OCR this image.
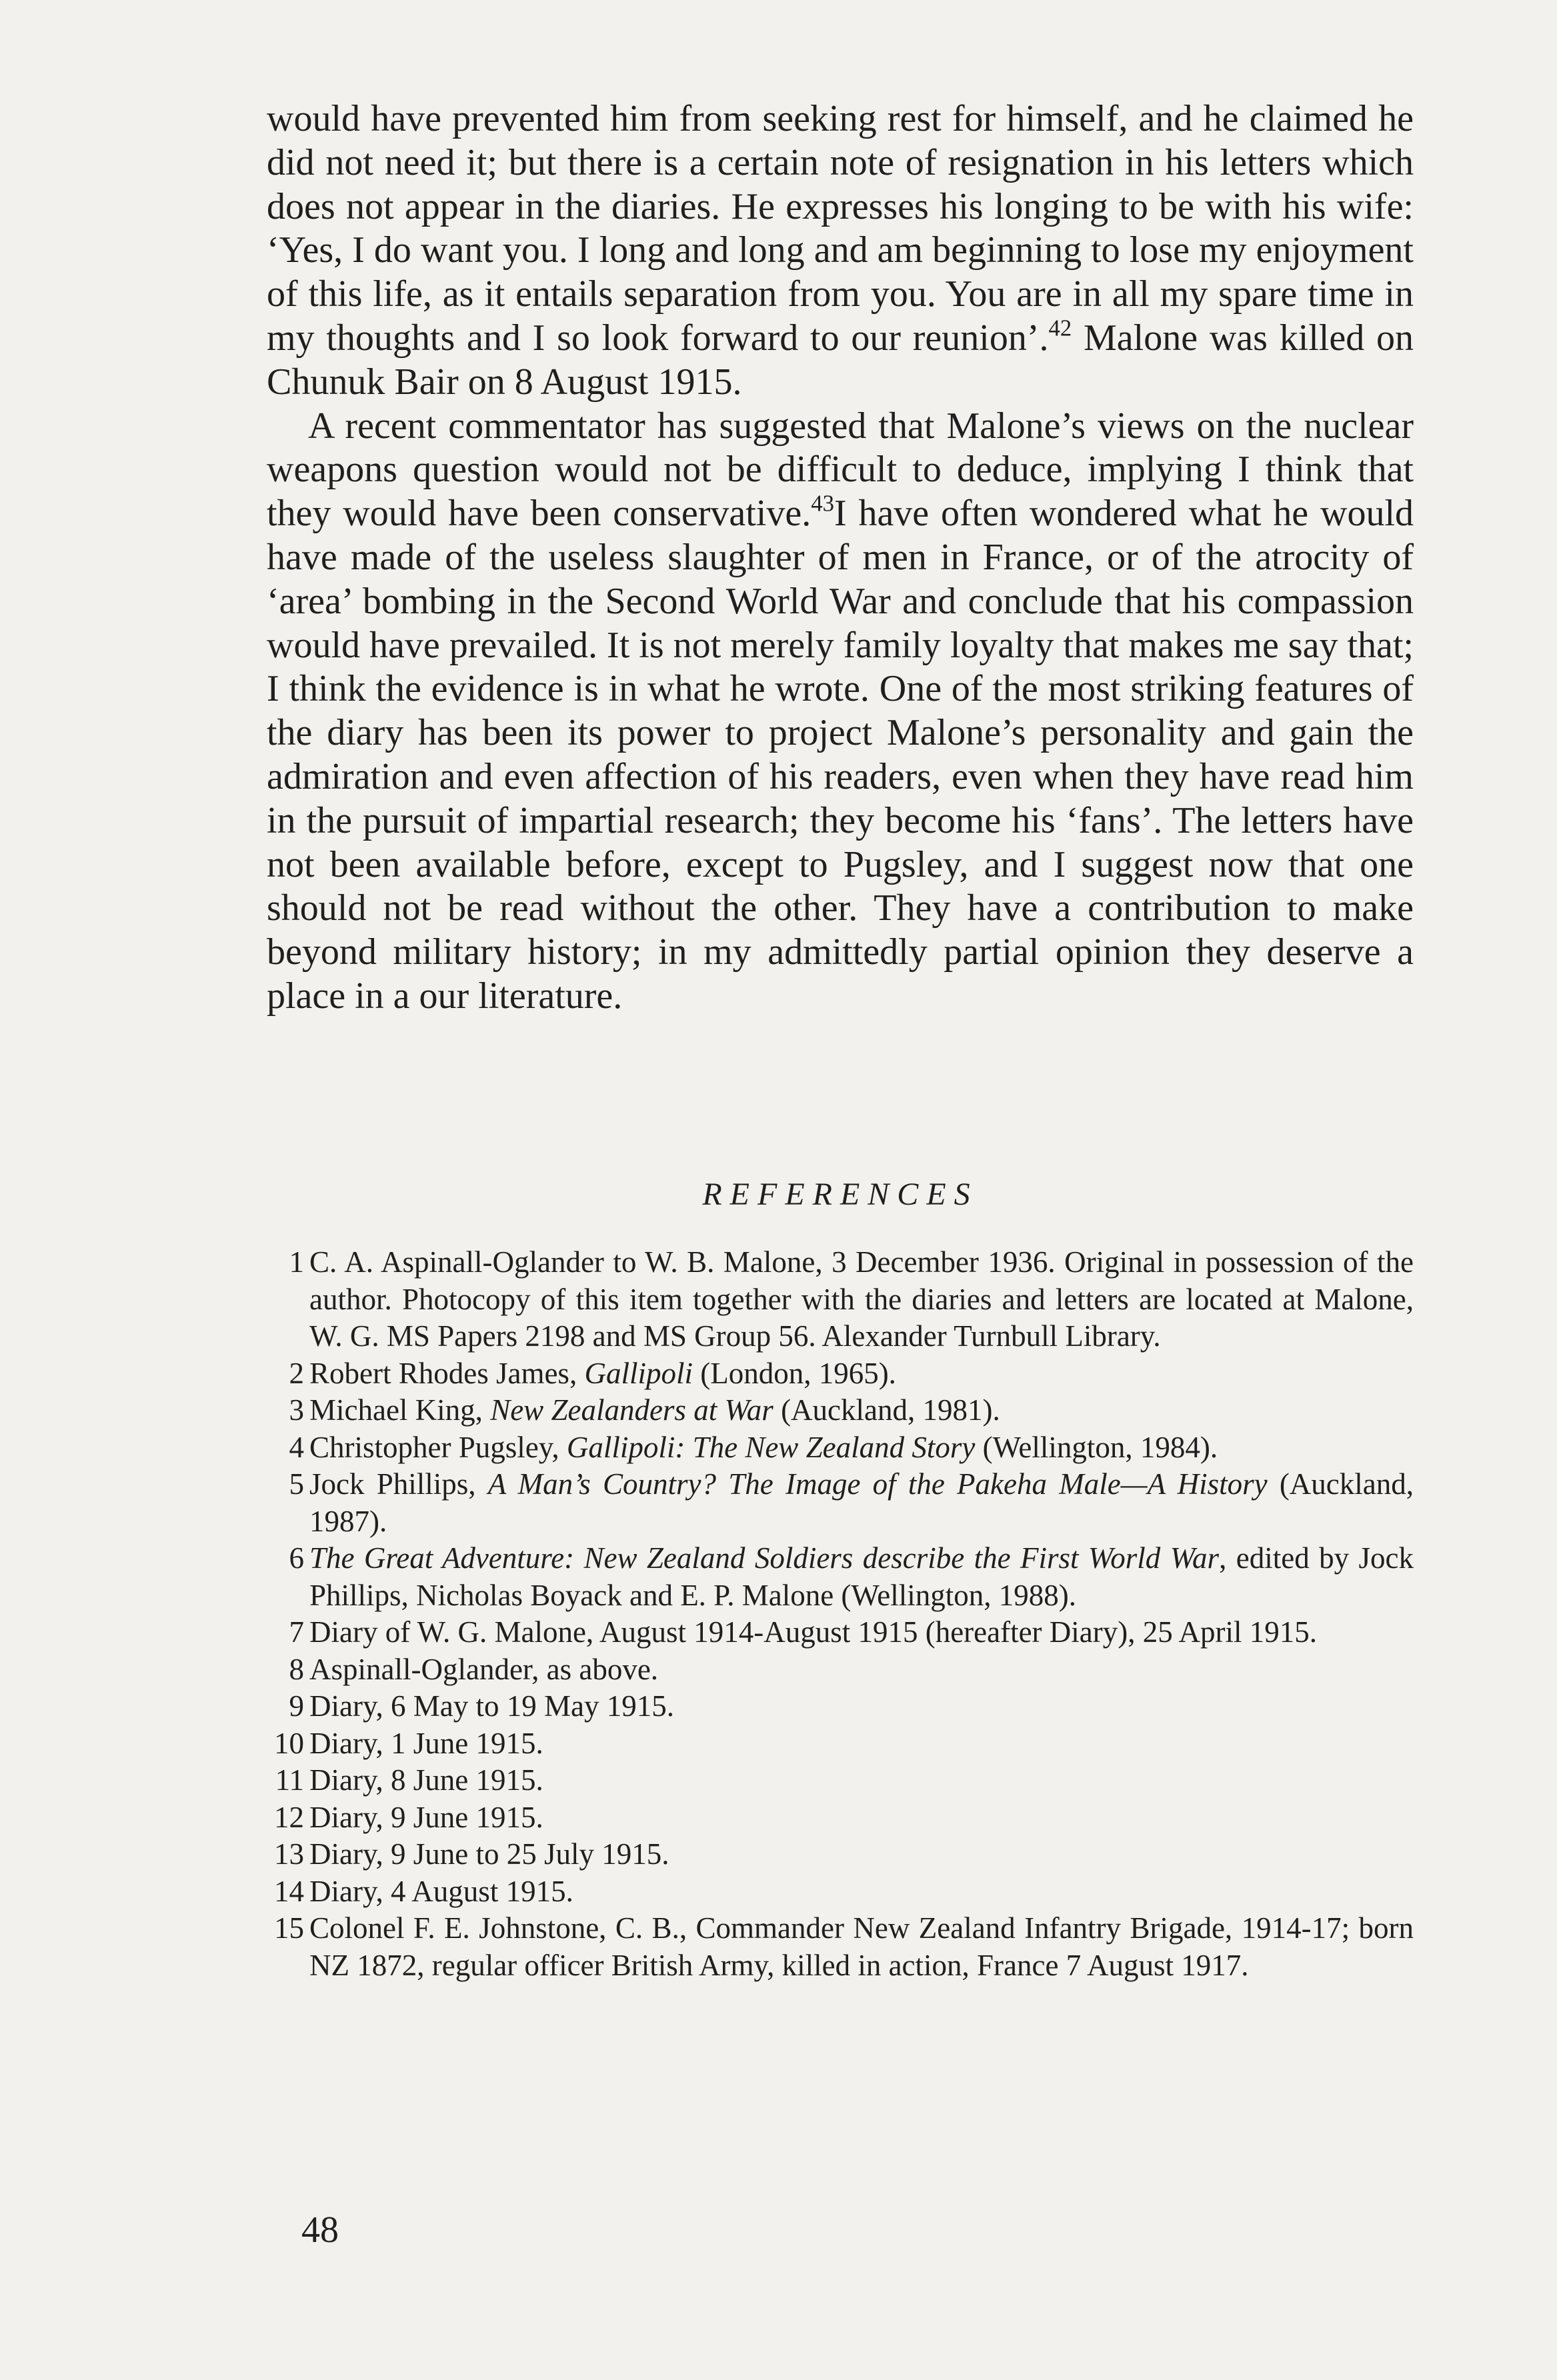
would have prevented him from seeking rest for himself, and he claimed he did not need it; but there is a certain note of resignation in his letters which does not appear in the diaries. He expresses his longing to be with his wife: ‘Yes, I do want you. I long and long and am beginning to lose my enjoyment of this life, as it entails separation from you. You are in all my spare time in my thoughts and I so look forward to our reunion’.$^{42}$ Malone was killed on Chunuk Bair on 8 August 1915.

A recent commentator has suggested that Malone’s views on the nuclear weapons question would not be difficult to deduce, implying I think that they would have been conservative.$^{43}$I have often wondered what he would have made of the useless slaughter of men in France, or of the atrocity of ‘area’ bombing in the Second World War and conclude that his compassion would have prevailed. It is not merely family loyalty that makes me say that; I think the evidence is in what he wrote. One of the most striking features of the diary has been its power to project Malone’s personality and gain the admiration and even affection of his readers, even when they have read him in the pursuit of impartial research; they become his ‘fans’. The letters have not been available before, except to Pugsley, and I suggest now that one should not be read without the other. They have a contribution to make beyond military history; in my admittedly partial opinion they deserve a place in a our literature.

REFERENCES
1 C. A. Aspinall-Oglander to W. B. Malone, 3 December 1936. Original in possession of the author. Photocopy of this item together with the diaries and letters are located at Malone, W. G. MS Papers 2198 and MS Group 56. Alexander Turnbull Library.
2 Robert Rhodes James, Gallipoli (London, 1965).
3 Michael King, New Zealanders at War (Auckland, 1981).
4 Christopher Pugsley, Gallipoli: The New Zealand Story (Wellington, 1984).
5 Jock Phillips, A Man’s Country? The Image of the Pakeha Male—A History (Auckland, 1987).
6 The Great Adventure: New Zealand Soldiers describe the First World War, edited by Jock Phillips, Nicholas Boyack and E. P. Malone (Wellington, 1988).
7 Diary of W. G. Malone, August 1914-August 1915 (hereafter Diary), 25 April 1915.
8 Aspinall-Oglander, as above.
9 Diary, 6 May to 19 May 1915.
10 Diary, 1 June 1915.
11 Diary, 8 June 1915.
12 Diary, 9 June 1915.
13 Diary, 9 June to 25 July 1915.
14 Diary, 4 August 1915.
15 Colonel F. E. Johnstone, C. B., Commander New Zealand Infantry Brigade, 1914-17; born NZ 1872, regular officer British Army, killed in action, France 7 August 1917.
48
